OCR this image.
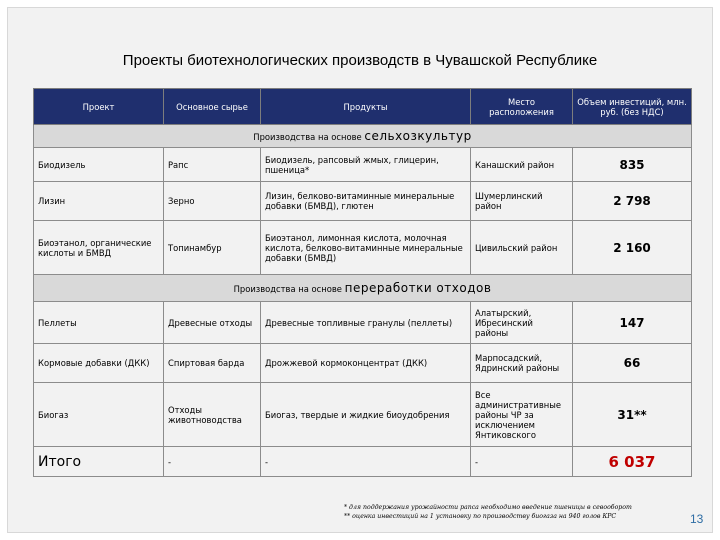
Проекты биотехнологических производств в Чувашской Республике
Проект	Основное сырье	Продукты	Место расположения	Объем инвестиций, млн. руб. (без НДС)
Производства на основе сельхозкультур				
Биодизель	Рапс	Биодизель, рапсовый жмых, глицерин, пшеница*	Канашский район	835
Лизин	Зерно	Лизин, белково-витаминные минеральные добавки (БМВД), глютен	Шумерлинский район	2 798
Биоэтанол, органические кислоты и БМВД	Топинамбур	Биоэтанол, лимонная кислота, молочная кислота, белково-витаминные минеральные добавки (БМВД)	Цивильский район	2 160
Производства на основе переработки отходов				
Пеллеты	Древесные отходы	Древесные топливные гранулы (пеллеты)	Алатырский, Ибресинский районы	147
Кормовые добавки (ДКК)	Спиртовая барда	Дрожжевой кормоконцентрат (ДКК)	Марпосадский, Ядринский районы	66
Биогаз	Отходы животноводства	Биогаз, твердые и жидкие биоудобрения	Все административные районы ЧР за исключением Янтиковского	31**
Итого	-	-	-	6 037
* для поддержания урожайности рапса необходимо введение пшеницы в севооборот
** оценка инвестиций на 1 установку по производству биогаза на 940 голов КРС	13
